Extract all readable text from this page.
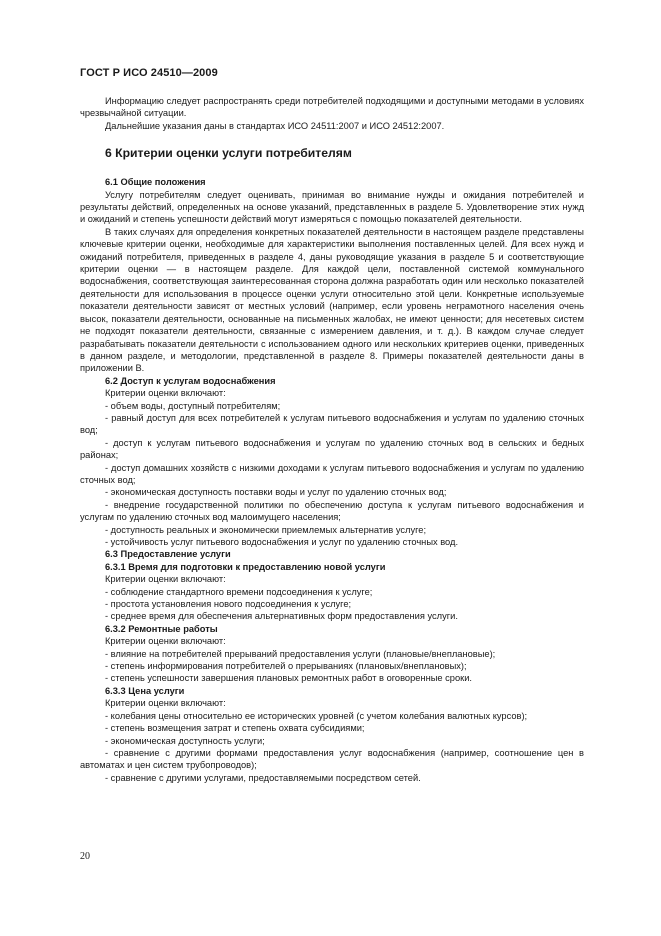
ГОСТ Р ИСО 24510—2009
Информацию следует распространять среди потребителей подходящими и доступными методами в условиях чрезвычайной ситуации.
Дальнейшие указания даны в стандартах ИСО 24511:2007 и ИСО 24512:2007.
6 Критерии оценки услуги потребителям
6.1 Общие положения
Услугу потребителям следует оценивать, принимая во внимание нужды и ожидания потребителей и результаты действий, определенных на основе указаний, представленных в разделе 5. Удовлетворение этих нужд и ожиданий и степень успешности действий могут измеряться с помощью показателей деятельности.
В таких случаях для определения конкретных показателей деятельности в настоящем разделе представлены ключевые критерии оценки, необходимые для характеристики выполнения поставленных целей. Для всех нужд и ожиданий потребителя, приведенных в разделе 4, даны руководящие указания в разделе 5 и соответствующие критерии оценки — в настоящем разделе. Для каждой цели, поставленной системой коммунального водоснабжения, соответствующая заинтересованная сторона должна разработать один или несколько показателей деятельности для использования в процессе оценки услуги относительно этой цели. Конкретные используемые показатели деятельности зависят от местных условий (например, если уровень неграмотного населения очень высок, показатели деятельности, основанные на письменных жалобах, не имеют ценности; для несетевых систем не подходят показатели деятельности, связанные с измерением давления, и т. д.). В каждом случае следует разрабатывать показатели деятельности с использованием одного или нескольких критериев оценки, приведенных в данном разделе, и методологии, представленной в разделе 8. Примеры показателей деятельности даны в приложении В.
6.2 Доступ к услугам водоснабжения
Критерии оценки включают:
- объем воды, доступный потребителям;
- равный доступ для всех потребителей к услугам питьевого водоснабжения и услугам по удалению сточных вод;
- доступ к услугам питьевого водоснабжения и услугам по удалению сточных вод в сельских и бедных районах;
- доступ домашних хозяйств с низкими доходами к услугам питьевого водоснабжения и услугам по удалению сточных вод;
- экономическая доступность поставки воды и услуг по удалению сточных вод;
- внедрение государственной политики по обеспечению доступа к услугам питьевого водоснабжения и услугам по удалению сточных вод малоимущего населения;
- доступность реальных и экономически приемлемых альтернатив услуге;
- устойчивость услуг питьевого водоснабжения и услуг по удалению сточных вод.
6.3 Предоставление услуги
6.3.1 Время для подготовки к предоставлению новой услуги
Критерии оценки включают:
- соблюдение стандартного времени подсоединения к услуге;
- простота установления нового подсоединения к услуге;
- среднее время для обеспечения альтернативных форм предоставления услуги.
6.3.2 Ремонтные работы
Критерии оценки включают:
- влияние на потребителей прерываний предоставления услуги (плановые/внеплановые);
- степень информирования потребителей о прерываниях (плановых/внеплановых);
- степень успешности завершения плановых ремонтных работ в оговоренные сроки.
6.3.3 Цена услуги
Критерии оценки включают:
- колебания цены относительно ее исторических уровней (с учетом колебания валютных курсов);
- степень возмещения затрат и степень охвата субсидиями;
- экономическая доступность услуги;
- сравнение с другими формами предоставления услуг водоснабжения (например, соотношение цен в автоматах и цен систем трубопроводов);
- сравнение с другими услугами, предоставляемыми посредством сетей.
20
